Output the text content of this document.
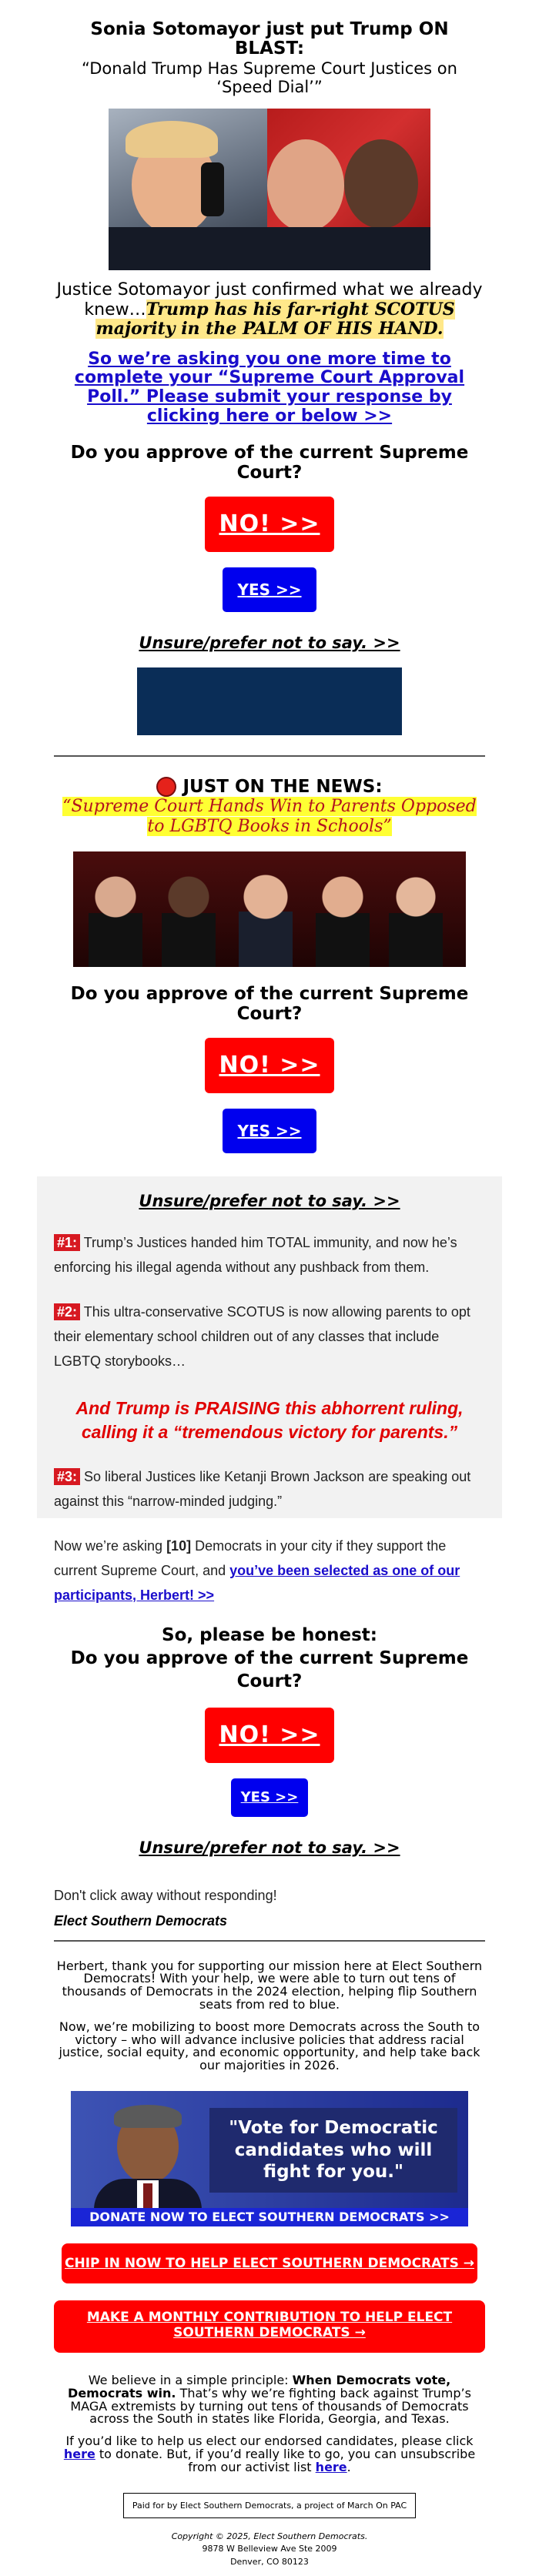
Sonia Sotomayor just put Trump ON BLAST:

“Donald Trump Has Supreme Court Justices on ‘Speed Dial’”

Justice Sotomayor just confirmed what we already knew…Trump has his far-right SCOTUS majority in the PALM OF HIS HAND.

So we’re asking you one more time to complete your “Supreme Court Approval Poll.” Please submit your response by clicking here or below >>

Do you approve of the current Supreme Court?

NO! >>
YES >>
Unsure/prefer not to say. >>

JUST ON THE NEWS:

“Supreme Court Hands Win to Parents Opposed to LGBTQ Books in Schools”

Do you approve of the current Supreme Court?

NO! >>
YES >>
Unsure/prefer not to say. >>

#1: Trump’s Justices handed him TOTAL immunity, and now he’s enforcing his illegal agenda without any pushback from them.

#2: This ultra-conservative SCOTUS is now allowing parents to opt their elementary school children out of any classes that include LGBTQ storybooks…

And Trump is PRAISING this abhorrent ruling, calling it a “tremendous victory for parents.”

#3: So liberal Justices like Ketanji Brown Jackson are speaking out against this “narrow-minded judging.”

Now we’re asking [10] Democrats in your city if they support the current Supreme Court, and you’ve been selected as one of our participants, Herbert! >>

So, please be honest:
Do you approve of the current Supreme Court?

NO! >>
YES >>
Unsure/prefer not to say. >>

Don't click away without responding!

Elect Southern Democrats

Herbert, thank you for supporting our mission here at Elect Southern Democrats! With your help, we were able to turn out tens of thousands of Democrats in the 2024 election, helping flip Southern seats from red to blue.

Now, we’re mobilizing to boost more Democrats across the South to victory – who will advance inclusive policies that address racial justice, social equity, and economic opportunity, and help take back our majorities in 2026.

"Vote for Democratic candidates who will fight for you."
DONATE NOW TO ELECT SOUTHERN DEMOCRATS >>
CHIP IN NOW TO HELP ELECT SOUTHERN DEMOCRATS →
MAKE A MONTHLY CONTRIBUTION TO HELP ELECT SOUTHERN DEMOCRATS →

We believe in a simple principle: When Democrats vote, Democrats win. That’s why we’re fighting back against Trump’s MAGA extremists by turning out tens of thousands of Democrats across the South in states like Florida, Georgia, and Texas.

If you’d like to help us elect our endorsed candidates, please click here to donate. But, if you’d really like to go, you can unsubscribe from our activist list here.

Paid for by Elect Southern Democrats, a project of March On PAC
Copyright © 2025, Elect Southern Democrats.
9878 W Belleview Ave Ste 2009
Denver, CO 80123
